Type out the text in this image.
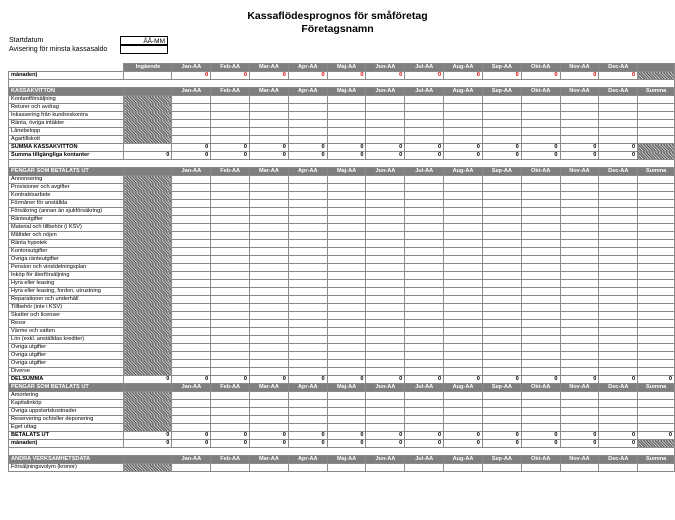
Kassaflödesprognos för småföretag
Företagsnamn
Startdatum	ÅÅ-MM
Avisering för minsta kassasaldo
	Ingående	Jan-ÅÅ	Feb-ÅÅ	Mar-ÅÅ	Apr-ÅÅ	Maj-ÅÅ	Jun-ÅÅ	Jul-ÅÅ	Aug-ÅÅ	Sep-ÅÅ	Okt-ÅÅ	Nov-ÅÅ	Dec-ÅÅ	
månaden)		0	0	0	0	0	0	0	0	0	0	0	0	

KASSAKVITTON		Jan-ÅÅ	Feb-ÅÅ	Mar-ÅÅ	Apr-ÅÅ	Maj-ÅÅ	Jun-ÅÅ	Jul-ÅÅ	Aug-ÅÅ	Sep-ÅÅ	Okt-ÅÅ	Nov-ÅÅ	Dec-ÅÅ	Summa
Kontantförsäljning														
Returer och avdrag														
Inkassering från kundreskontra														
Ränta, övriga intäkter														
Lånebelopp														
Ägartillskott														
SUMMA KASSAKVITTON		0	0	0	0	0	0	0	0	0	0	0	0	
Summa tillgängliga kontanter	0	0	0	0	0	0	0	0	0	0	0	0	0	

PENGAR SOM BETALATS UT		Jan-ÅÅ	Feb-ÅÅ	Mar-ÅÅ	Apr-ÅÅ	Maj-ÅÅ	Jun-ÅÅ	Jul-ÅÅ	Aug-ÅÅ	Sep-ÅÅ	Okt-ÅÅ	Nov-ÅÅ	Dec-ÅÅ	Summa
Annonsering														
Provisioner och avgifter														
Kontraktsarbete														
Förmåner för anställda														
Försäkring (annan än sjukförsäkring)														
Ränteutgifter														
Material och tillbehör (i KSV)														
Måltider och nöjen														
Ränta hypotek														
Kontorsutgifter														
Övriga ränteutgifter														
Pension och vinstdelningsplan														
Inköp för återförsäljning														
Hyra eller leasing														
Hyra eller leasing, fordon, utrustning														
Reparationer och underhåll														
Tillbehör (inte i KSV)														
Skatter och licenser														
Resor														
Värme och vatten														
Lön (exkl. anställdas krediter)														
Övriga utgifter														
Övriga utgifter														
Övriga utgifter														
Diverse														
DELSUMMA	0	0	0	0	0	0	0	0	0	0	0	0	0	0
PENGAR SOM BETALATS UT		Jan-ÅÅ	Feb-ÅÅ	Mar-ÅÅ	Apr-ÅÅ	Maj-ÅÅ	Jun-ÅÅ	Jul-ÅÅ	Aug-ÅÅ	Sep-ÅÅ	Okt-ÅÅ	Nov-ÅÅ	Dec-ÅÅ	Summa
Amortering														
Kapitalinköp														
Övriga uppstartskostnader														
Reservering och/eller deponering														
Eget uttag														
BETALATS UT	0	0	0	0	0	0	0	0	0	0	0	0	0	0
månaden)	0	0	0	0	0	0	0	0	0	0	0	0	0	

ANDRA VERKSAMHETSDATA		Jan-ÅÅ	Feb-ÅÅ	Mar-ÅÅ	Apr-ÅÅ	Maj-ÅÅ	Jun-ÅÅ	Jul-ÅÅ	Aug-ÅÅ	Sep-ÅÅ	Okt-ÅÅ	Nov-ÅÅ	Dec-ÅÅ	Summa
Försäljningsvolym (kronor)														
